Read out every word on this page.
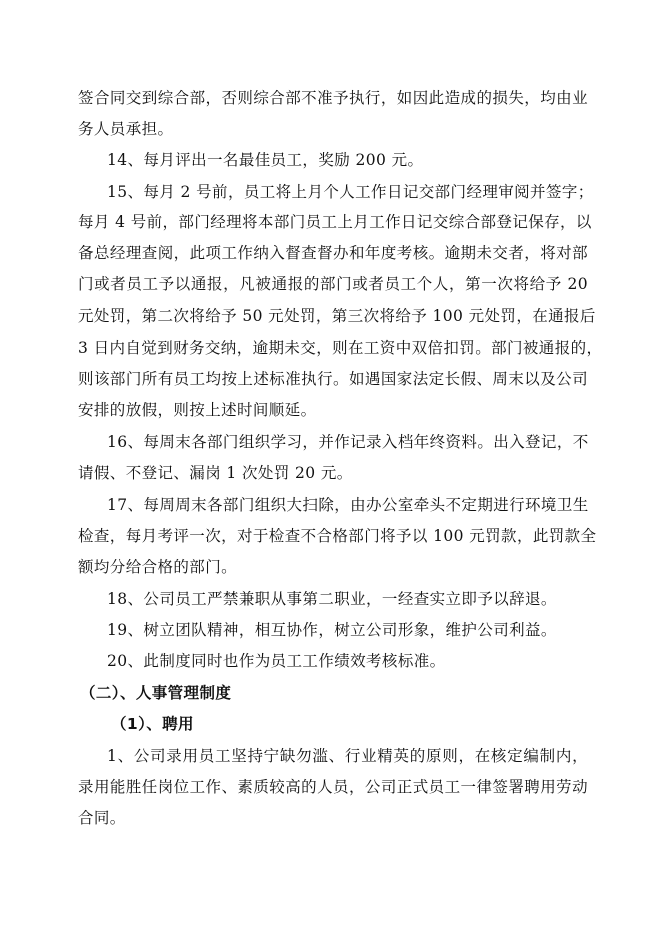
签合同交到综合部，否则综合部不准予执行，如因此造成的损失，均由业
务人员承担。
14、每月评出一名最佳员工，奖励 200 元。
15、每月 2 号前，员工将上月个人工作日记交部门经理审阅并签字；
每月 4 号前，部门经理将本部门员工上月工作日记交综合部登记保存，以
备总经理查阅，此项工作纳入督查督办和年度考核。逾期未交者，将对部
门或者员工予以通报，凡被通报的部门或者员工个人，第一次将给予 20
元处罚，第二次将给予 50 元处罚，第三次将给予 100 元处罚，在通报后
3 日内自觉到财务交纳，逾期未交，则在工资中双倍扣罚。部门被通报的，
则该部门所有员工均按上述标准执行。如遇国家法定长假、周末以及公司
安排的放假，则按上述时间顺延。
16、每周末各部门组织学习，并作记录入档年终资料。出入登记，不
请假、不登记、漏岗 1 次处罚 20 元。
17、每周周末各部门组织大扫除，由办公室牵头不定期进行环境卫生
检查，每月考评一次，对于检查不合格部门将予以 100 元罚款，此罚款全
额均分给合格的部门。
18、公司员工严禁兼职从事第二职业，一经查实立即予以辞退。
19、树立团队精神，相互协作，树立公司形象，维护公司利益。
20、此制度同时也作为员工工作绩效考核标准。
（二）、人事管理制度
（1）、聘用
1、公司录用员工坚持宁缺勿滥、行业精英的原则，在核定编制内，
录用能胜任岗位工作、素质较高的人员，公司正式员工一律签署聘用劳动
合同。
